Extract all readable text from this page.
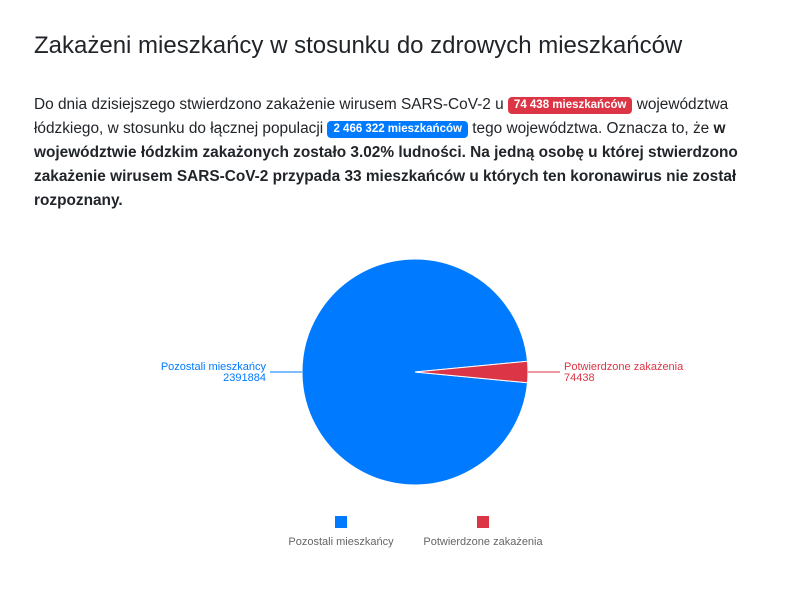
Zakażeni mieszkańcy w stosunku do zdrowych mieszkańców

Do dnia dzisiejszego stwierdzono zakażenie wirusem SARS-CoV-2 u 74 438 mieszkańców województwa łódzkiego, w stosunku do łącznej populacji 2 466 322 mieszkańców tego województwa. Oznacza to, że w województwie łódzkim zakażonych zostało 3.02% ludności. Na jedną osobę u której stwierdzono zakażenie wirusem SARS-CoV-2 przypada 33 mieszkańców u których ten koronawirus nie został rozpoznany.

Pozostali mieszkańcy
2391884
Potwierdzone zakażenia
74438
Pozostali mieszkańcy	Potwierdzone zakażenia
